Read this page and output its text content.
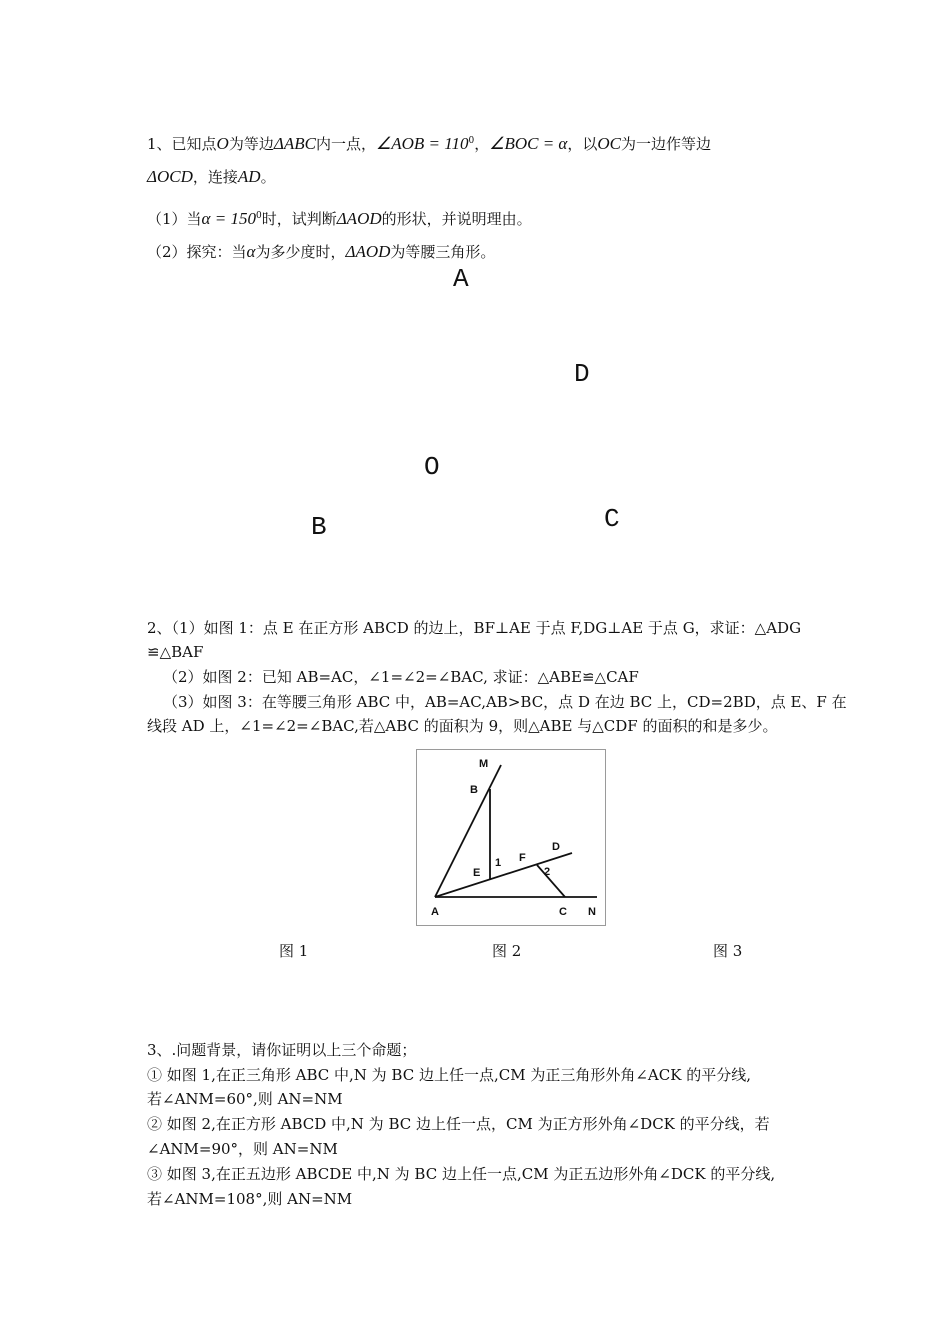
1、已知点O为等边ΔABC内一点，∠AOB = $110^0$，∠BOC = α，以OC为一边作等边
ΔOCD，连接AD。
（1）当$\alpha = 150^0$时，试判断ΔAOD的形状，并说明理由。
（2）探究：当α为多少度时，ΔAOD为等腰三角形。
A
D
O
B	C
2、（1）如图 1：点 E 在正方形 ABCD 的边上，BF⊥AE 于点 F,DG⊥AE 于点 G，求证：△ADG
≌△BAF
（2）如图 2：已知 AB=AC，∠1=∠2=∠BAC, 求证：△ABE≌△CAF
（3）如图 3：在等腰三角形 ABC 中，AB=AC,AB>BC，点 D 在边 BC 上，CD=2BD，点 E、F 在
线段 AD 上，∠1=∠2=∠BAC,若△ABC 的面积为 9，则△ABE 与△CDF 的面积的和是多少。
M
B
D
F
E
1
2
A	C N
图 1	图 2	图 3
3、.问题背景，请你证明以上三个命题；
① 如图 1,在正三角形 ABC 中,N 为 BC 边上任一点,CM 为正三角形外角∠ACK 的平分线,
若∠ANM=60°,则 AN=NM
② 如图 2,在正方形 ABCD 中,N 为 BC 边上任一点，CM 为正方形外角∠DCK 的平分线，若
∠ANM=90°，则 AN=NM
③ 如图 3,在正五边形 ABCDE 中,N 为 BC 边上任一点,CM 为正五边形外角∠DCK 的平分线,
若∠ANM=108°,则 AN=NM
